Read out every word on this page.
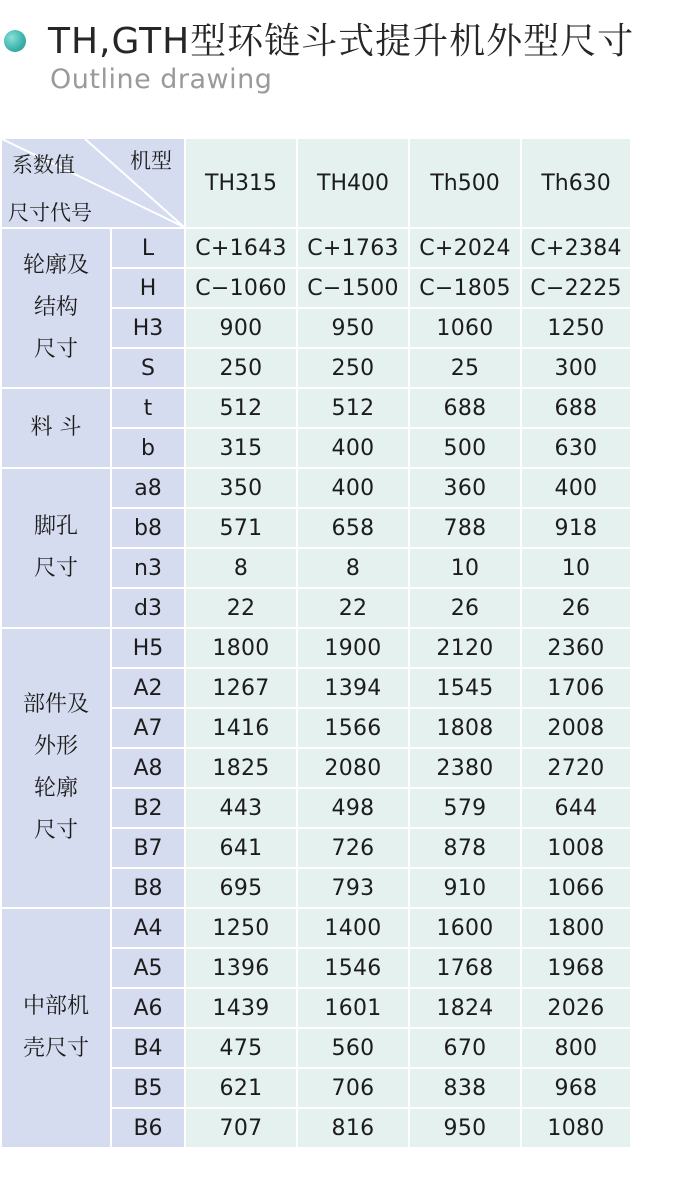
TH,GTH型环链斗式提升机外型尺寸
Outline drawing
机型
系数值
尺寸代号		TH315	TH400	Th500	Th630

轮廓及
结构
尺寸	L	C+1643	C+1763	C+2024	C+2384
	H	C−1060	C−1500	C−1805	C−2225
	H3	900	950	1060	1250
	S	250	250	25	300

料 斗	t	512	512	688	688
	b	315	400	500	630

脚孔
尺寸	a8	350	400	360	400
	b8	571	658	788	918
	n3	8	8	10	10
	d3	22	22	26	26

部件及
外形
轮廓
尺寸	H5	1800	1900	2120	2360
	A2	1267	1394	1545	1706
	A7	1416	1566	1808	2008
	A8	1825	2080	2380	2720
	B2	443	498	579	644
	B7	641	726	878	1008
	B8	695	793	910	1066

中部机
壳尺寸	A4	1250	1400	1600	1800
	A5	1396	1546	1768	1968
	A6	1439	1601	1824	2026
	B4	475	560	670	800
	B5	621	706	838	968
	B6	707	816	950	1080
